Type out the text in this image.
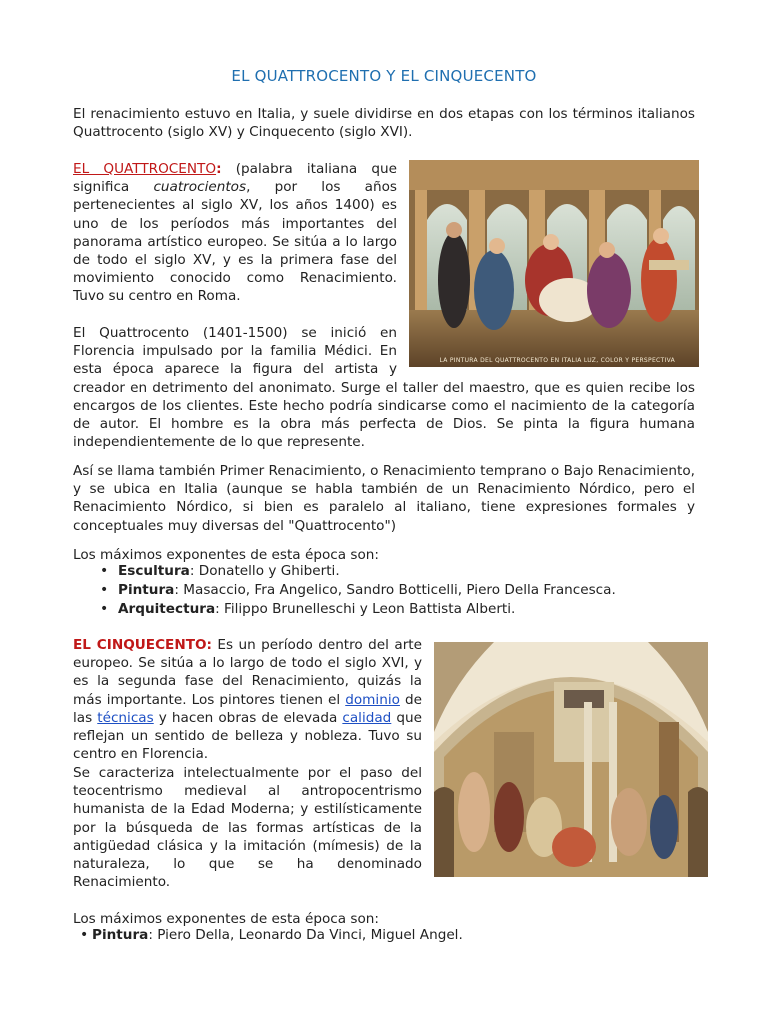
EL QUATTROCENTO Y EL CINQUECENTO

El renacimiento estuvo en Italia, y suele dividirse en dos etapas con los términos italianos Quattrocento (siglo XV) y Cinquecento (siglo XVI).

LA PINTURA DEL QUATTROCENTO EN ITALIA LUZ, COLOR Y PERSPECTIVA

EL QUATTROCENTO: (palabra italiana que significa cuatrocientos, por los años pertenecientes al siglo XV, los años 1400) es uno de los períodos más importantes del panorama artístico europeo. Se sitúa a lo largo de todo el siglo XV, y es la primera fase del movimiento conocido como Renacimiento. Tuvo su centro en Roma.

El Quattrocento (1401-1500) se inició en Florencia impulsado por la familia Médici. En esta época aparece la figura del artista y creador en detrimento del anonimato. Surge el taller del maestro, que es quien recibe los encargos de los clientes. Este hecho podría sindicarse como el nacimiento de la categoría de autor. El hombre es la obra más perfecta de Dios. Se pinta la figura humana independientemente de lo que represente.

Así se llama también Primer Renacimiento, o Renacimiento temprano o Bajo Renacimiento, y se ubica en Italia (aunque se habla también de un Renacimiento Nórdico, pero el Renacimiento Nórdico, si bien es paralelo al italiano, tiene expresiones formales y conceptuales muy diversas del "Quattrocento")

Los máximos exponentes de esta época son:

• Escultura: Donatello y Ghiberti.
• Pintura: Masaccio, Fra Angelico, Sandro Botticelli, Piero Della Francesca.
• Arquitectura: Filippo Brunelleschi y Leon Battista Alberti.

EL CINQUECENTO: Es un período dentro del arte europeo. Se sitúa a lo largo de todo el siglo XVI, y es la segunda fase del Renacimiento, quizás la más importante. Los pintores tienen el dominio de las técnicas y hacen obras de elevada calidad que reflejan un sentido de belleza y nobleza. Tuvo su centro en Florencia.

Se caracteriza intelectualmente por el paso del teocentrismo medieval al antropocentrismo humanista de la Edad Moderna; y estilísticamente por la búsqueda de las formas artísticas de la antigüedad clásica y la imitación (mímesis) de la naturaleza, lo que se ha denominado Renacimiento.

Los máximos exponentes de esta época son:

• Pintura: Piero Della, Leonardo Da Vinci, Miguel Angel.
